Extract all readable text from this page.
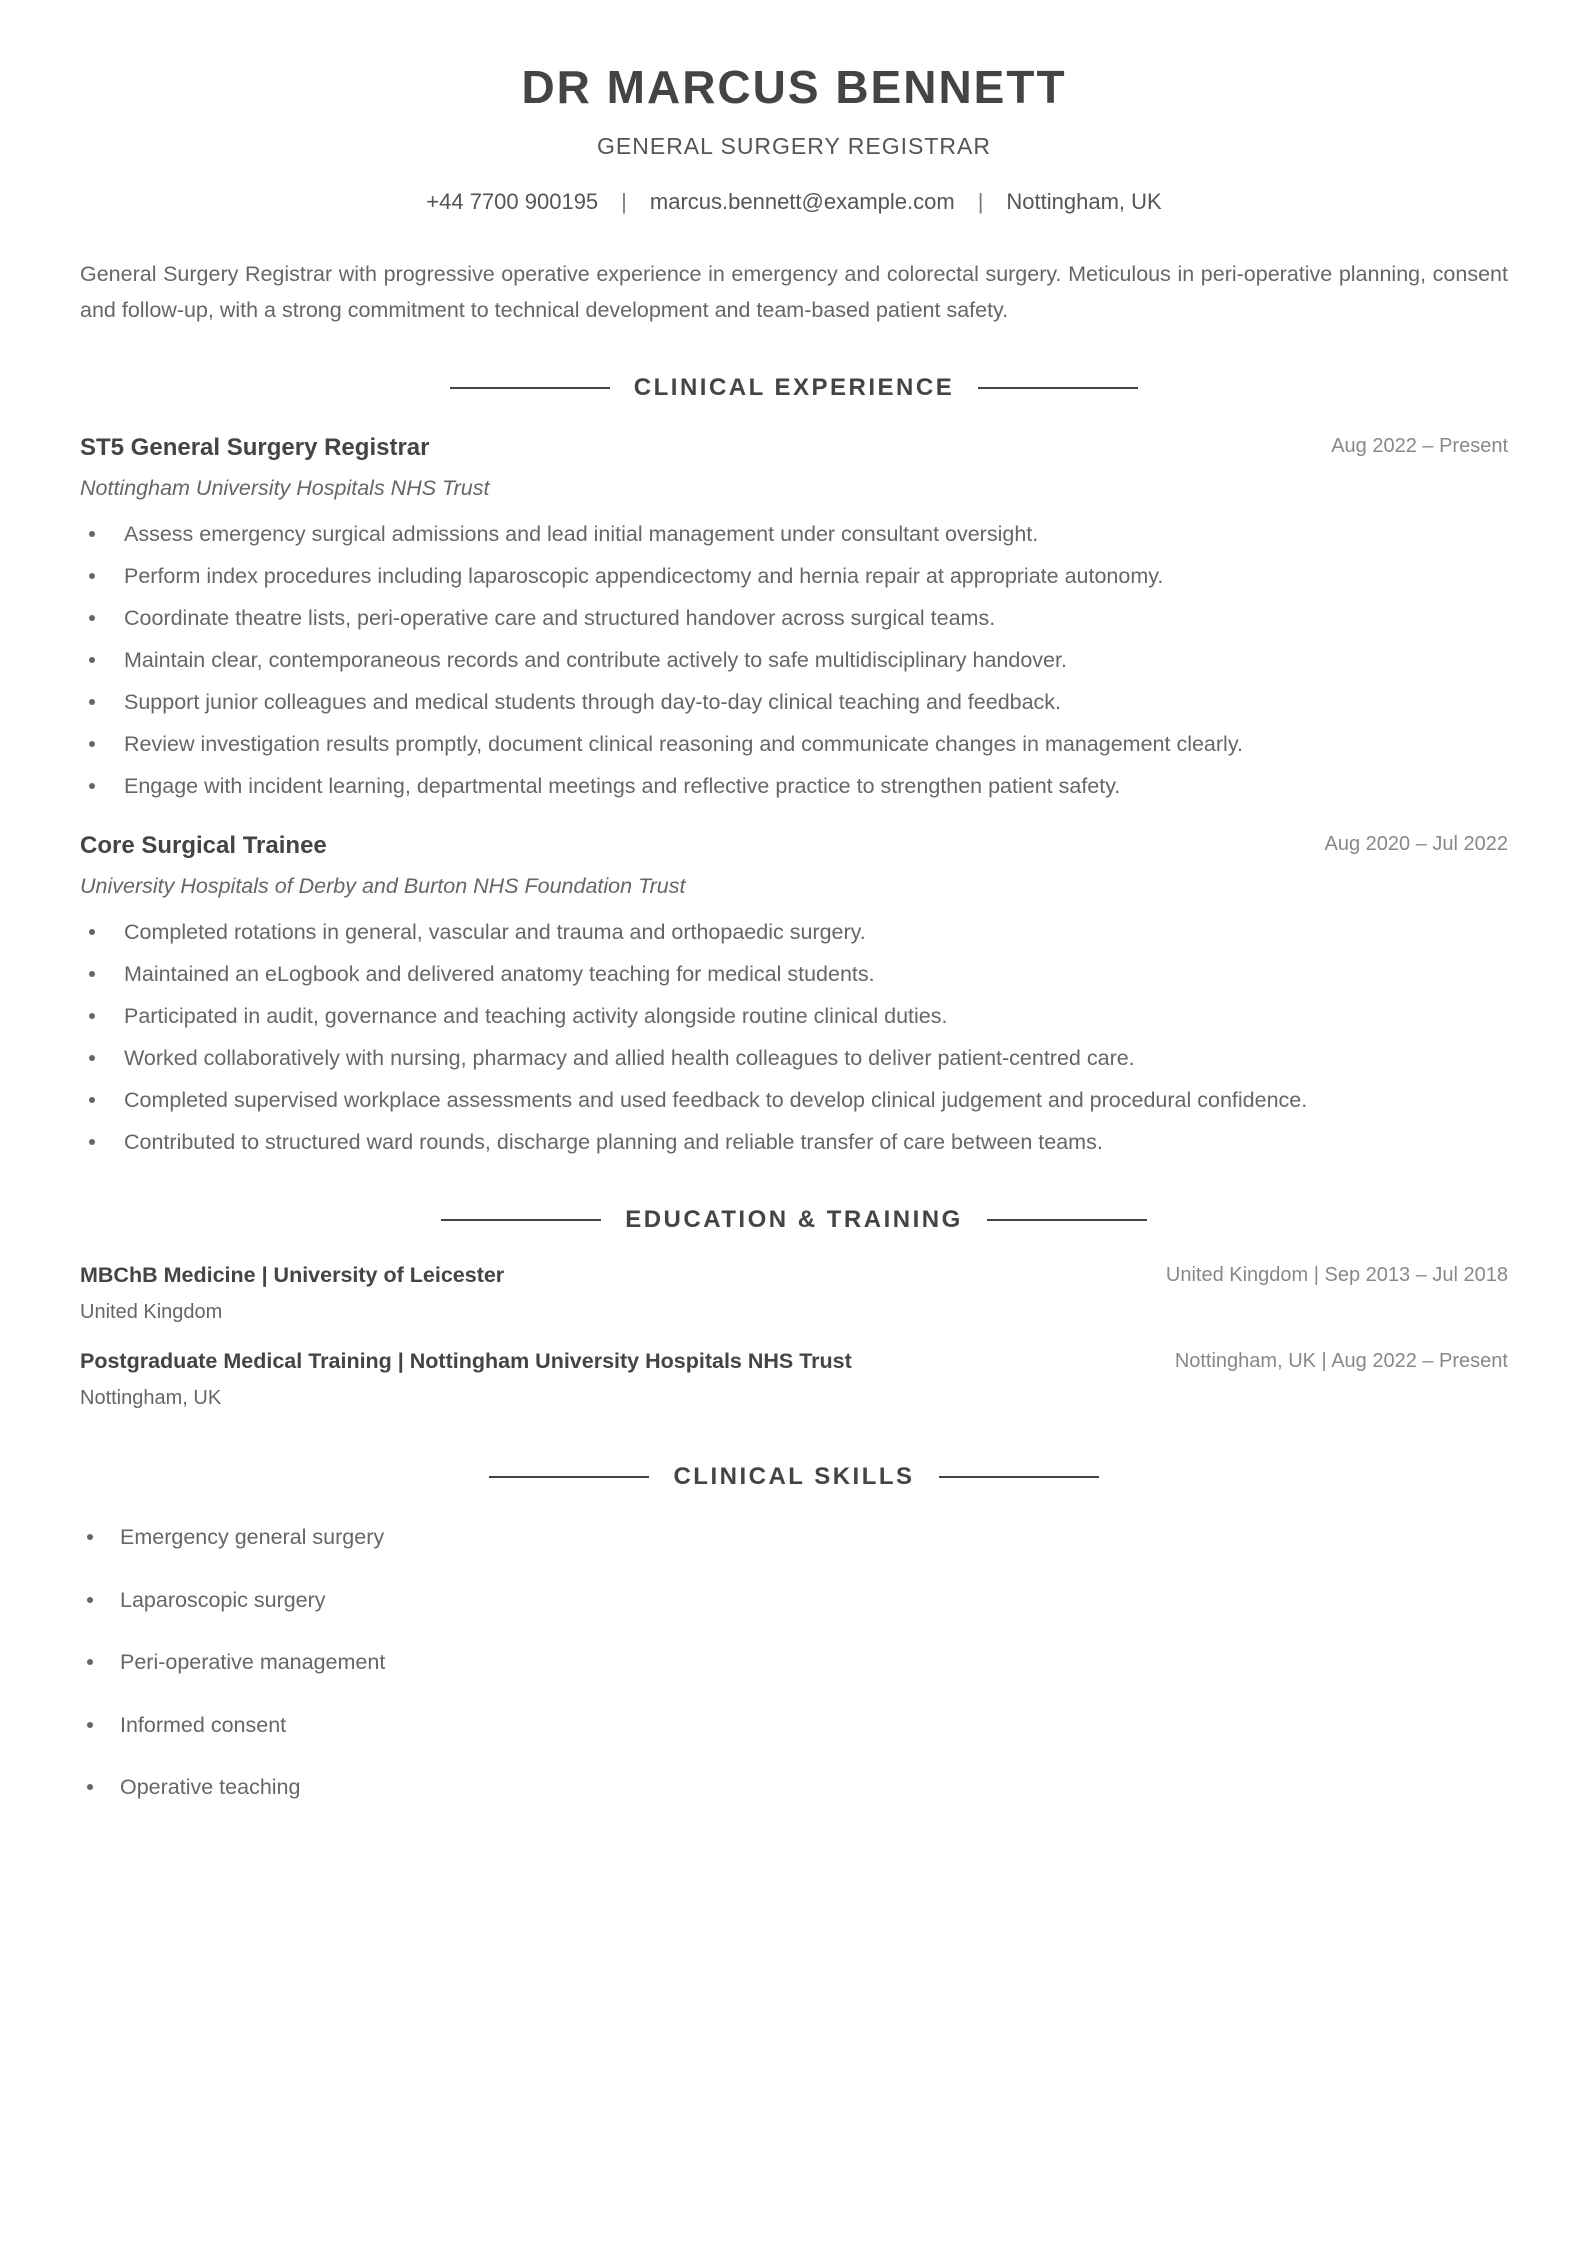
DR MARCUS BENNETT
GENERAL SURGERY REGISTRAR
+44 7700 900195 | marcus.bennett@example.com | Nottingham, UK
General Surgery Registrar with progressive operative experience in emergency and colorectal surgery. Meticulous in peri-operative planning, consent and follow-up, with a strong commitment to technical development and team-based patient safety.
CLINICAL EXPERIENCE
ST5 General Surgery Registrar	Aug 2022 – Present
Nottingham University Hospitals NHS Trust
Assess emergency surgical admissions and lead initial management under consultant oversight.
Perform index procedures including laparoscopic appendicectomy and hernia repair at appropriate autonomy.
Coordinate theatre lists, peri-operative care and structured handover across surgical teams.
Maintain clear, contemporaneous records and contribute actively to safe multidisciplinary handover.
Support junior colleagues and medical students through day-to-day clinical teaching and feedback.
Review investigation results promptly, document clinical reasoning and communicate changes in management clearly.
Engage with incident learning, departmental meetings and reflective practice to strengthen patient safety.
Core Surgical Trainee	Aug 2020 – Jul 2022
University Hospitals of Derby and Burton NHS Foundation Trust
Completed rotations in general, vascular and trauma and orthopaedic surgery.
Maintained an eLogbook and delivered anatomy teaching for medical students.
Participated in audit, governance and teaching activity alongside routine clinical duties.
Worked collaboratively with nursing, pharmacy and allied health colleagues to deliver patient-centred care.
Completed supervised workplace assessments and used feedback to develop clinical judgement and procedural confidence.
Contributed to structured ward rounds, discharge planning and reliable transfer of care between teams.
EDUCATION & TRAINING
MBChB Medicine | University of Leicester	United Kingdom | Sep 2013 – Jul 2018
United Kingdom
Postgraduate Medical Training | Nottingham University Hospitals NHS Trust	Nottingham, UK | Aug 2022 – Present
Nottingham, UK
CLINICAL SKILLS
Emergency general surgery
Laparoscopic surgery
Peri-operative management
Informed consent
Operative teaching
